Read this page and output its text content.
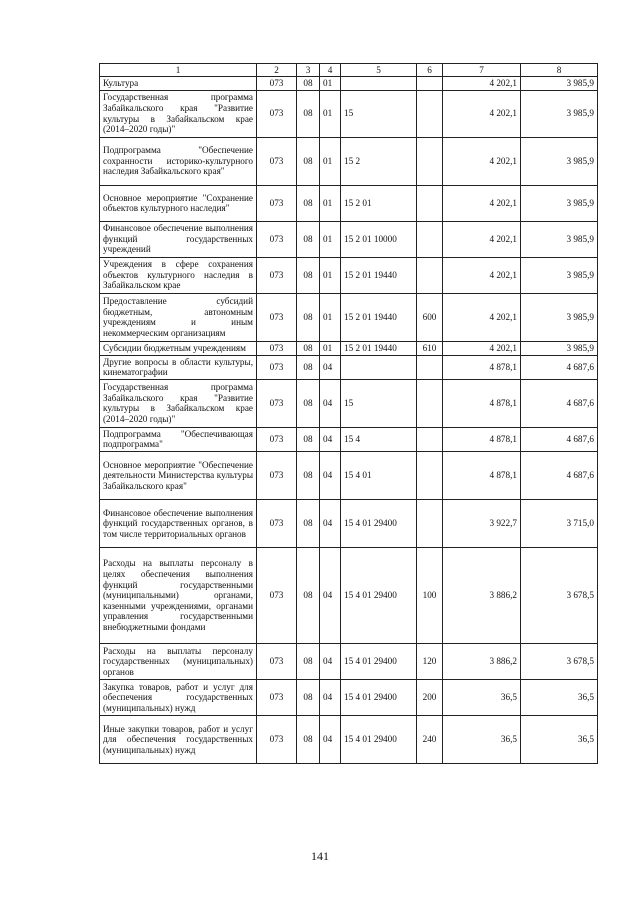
1	2	3	4	5	6	7	8
Культура	073	08	01			4 202,1	3 985,9
Государственная программа Забайкальского края "Развитие культуры в Забайкальском крае (2014–2020 годы)"	073	08	01	15		4 202,1	3 985,9
Подпрограмма "Обеспечение сохранности историко-культурного наследия Забайкальского края"	073	08	01	15 2		4 202,1	3 985,9
Основное мероприятие "Сохранение объектов культурного наследия"	073	08	01	15 2 01		4 202,1	3 985,9
Финансовое обеспечение выполнения функций государственных учреждений	073	08	01	15 2 01 10000		4 202,1	3 985,9
Учреждения в сфере сохранения объектов культурного наследия в Забайкальском крае	073	08	01	15 2 01 19440		4 202,1	3 985,9
Предоставление субсидий бюджетным, автономным учреждениям и иным некоммерческим организациям	073	08	01	15 2 01 19440	600	4 202,1	3 985,9
Субсидии бюджетным учреждениям	073	08	01	15 2 01 19440	610	4 202,1	3 985,9
Другие вопросы в области культуры, кинематографии	073	08	04			4 878,1	4 687,6
Государственная программа Забайкальского края "Развитие культуры в Забайкальском крае (2014–2020 годы)"	073	08	04	15		4 878,1	4 687,6
Подпрограмма "Обеспечивающая подпрограмма"	073	08	04	15 4		4 878,1	4 687,6
Основное мероприятие "Обеспечение деятельности Министерства культуры Забайкальского края"	073	08	04	15 4 01		4 878,1	4 687,6
Финансовое обеспечение выполнения функций государственных органов, в том числе территориальных органов	073	08	04	15 4 01 29400		3 922,7	3 715,0
Расходы на выплаты персоналу в целях обеспечения выполнения функций государственными (муниципальными) органами, казенными учреждениями, органами управления государственными внебюджетными фондами	073	08	04	15 4 01 29400	100	3 886,2	3 678,5
Расходы на выплаты персоналу государственных (муниципальных) органов	073	08	04	15 4 01 29400	120	3 886,2	3 678,5
Закупка товаров, работ и услуг для обеспечения государственных (муниципальных) нужд	073	08	04	15 4 01 29400	200	36,5	36,5
Иные закупки товаров, работ и услуг для обеспечения государственных (муниципальных) нужд	073	08	04	15 4 01 29400	240	36,5	36,5
141
